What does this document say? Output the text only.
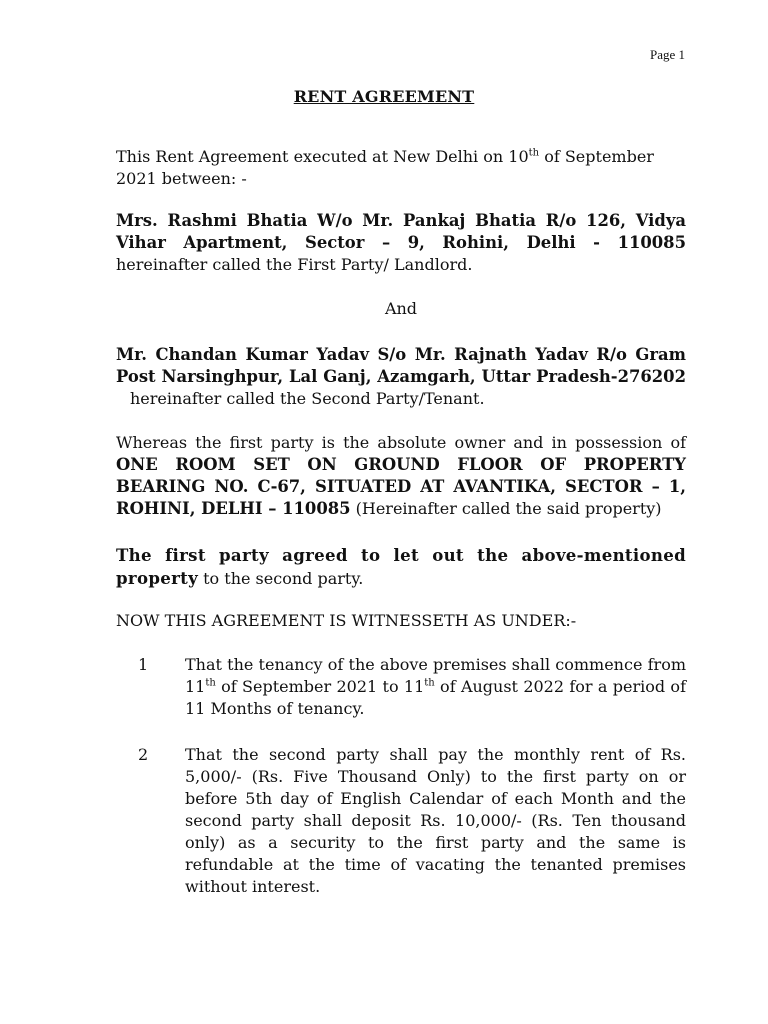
Page 1
RENT AGREEMENT
This Rent Agreement executed at New Delhi on 10th of September 2021 between: -
Mrs. Rashmi Bhatia W/o Mr. Pankaj Bhatia R/o 126, Vidya Vihar Apartment, Sector – 9, Rohini, Delhi - 110085 hereinafter called the First Party/ Landlord.
And
Mr. Chandan Kumar Yadav S/o Mr. Rajnath Yadav R/o Gram Post Narsinghpur, Lal Ganj, Azamgarh, Uttar Pradesh-276202hereinafter called the Second Party/Tenant.
Whereas the first party is the absolute owner and in possession of ONE ROOM SET ON GROUND FLOOR OF PROPERTY BEARING NO. C-67, SITUATED AT AVANTIKA, SECTOR – 1, ROHINI, DELHI – 110085 (Hereinafter called the said property)
The first party agreed to let out the above-mentioned property to the second party.
NOW THIS AGREEMENT IS WITNESSETH AS UNDER:-
1 That the tenancy of the above premises shall commence from 11th of September 2021 to 11th of August 2022 for a period of 11 Months of tenancy.
2 That the second party shall pay the monthly rent of Rs. 5,000/- (Rs. Five Thousand Only) to the first party on or before 5th day of English Calendar of each Month and the second party shall deposit Rs. 10,000/- (Rs. Ten thousand only) as a security to the first party and the same is refundable at the time of vacating the tenanted premises without interest.
